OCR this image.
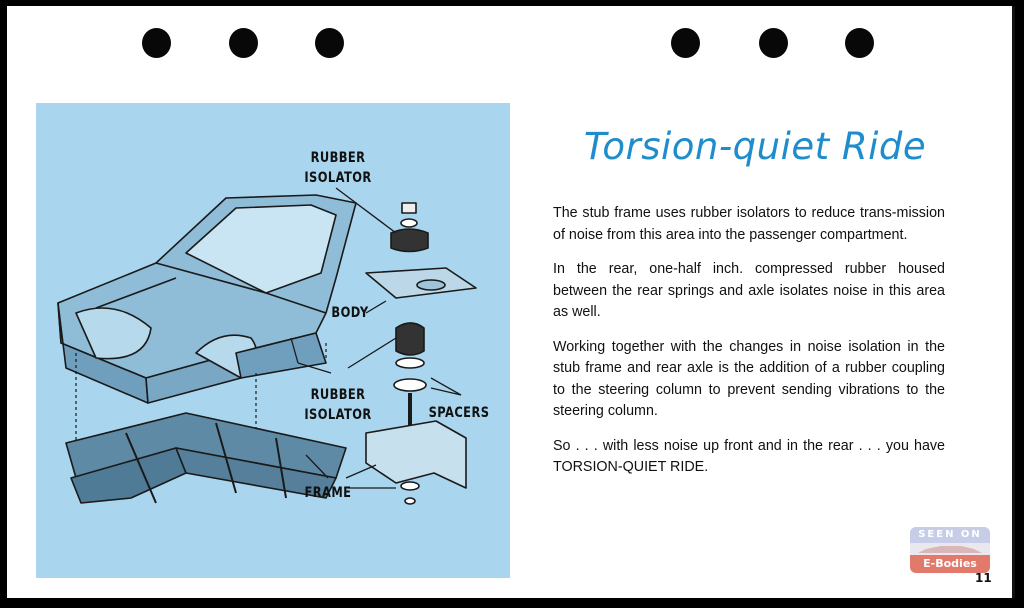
RUBBER
ISOLATOR
BODY
RUBBER
ISOLATOR	SPACERS
FRAME
Torsion-quiet Ride

The stub frame uses rubber isolators to reduce trans-mission of noise from this area into the passenger compartment.

In the rear, one-half inch. compressed rubber housed between the rear springs and axle isolates noise in this area as well.

Working together with the changes in noise isolation in the stub frame and rear axle is the addition of a rubber coupling to the steering column to prevent sending vibrations to the steering column.

So . . . with less noise up front and in the rear . . . you have TORSION-QUIET RIDE.

SEEN ON
E-Bodies
11
